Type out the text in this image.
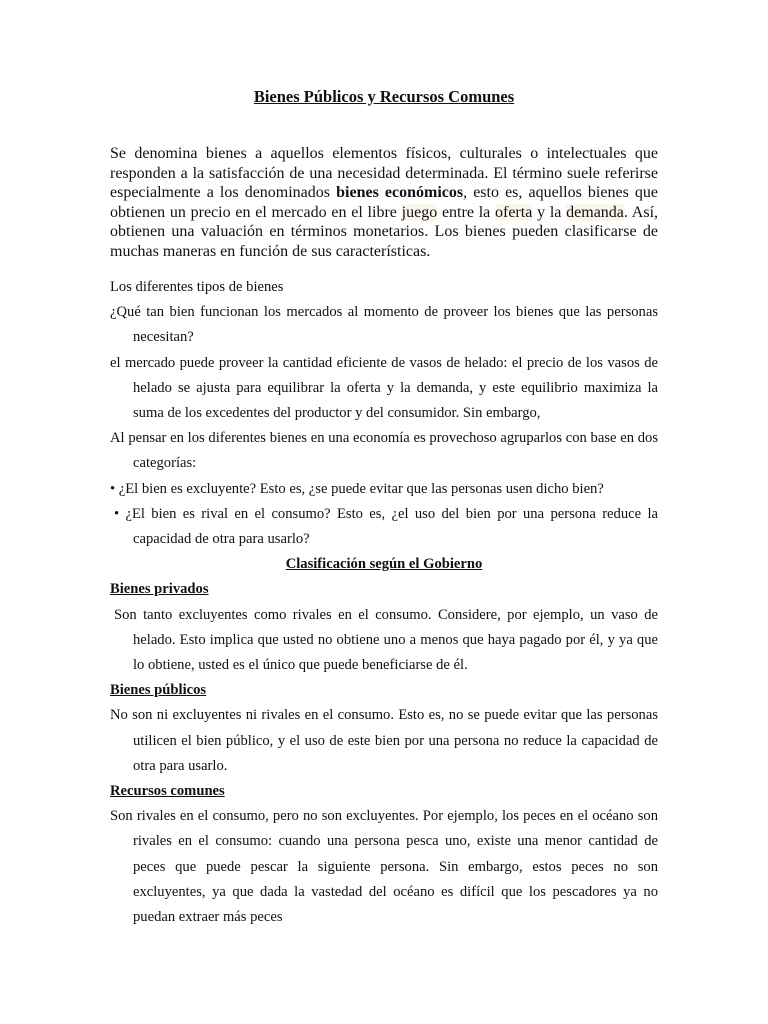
Bienes Públicos y Recursos Comunes

Se denomina bienes a aquellos elementos físicos, culturales o intelectuales que responden a la satisfacción de una necesidad determinada. El término suele referirse especialmente a los denominados bienes económicos, esto es, aquellos bienes que obtienen un precio en el mercado en el libre juego entre la oferta y la demanda. Así, obtienen una valuación en términos monetarios. Los bienes pueden clasificarse de muchas maneras en función de sus características.

Los diferentes tipos de bienes

¿Qué tan bien funcionan los mercados al momento de proveer los bienes que las personas necesitan?

el mercado puede proveer la cantidad eficiente de vasos de helado: el precio de los vasos de helado se ajusta para equilibrar la oferta y la demanda, y este equilibrio maximiza la suma de los excedentes del productor y del consumidor. Sin embargo,

Al pensar en los diferentes bienes en una economía es provechoso agruparlos con base en dos categorías:

• ¿El bien es excluyente? Esto es, ¿se puede evitar que las personas usen dicho bien?

• ¿El bien es rival en el consumo? Esto es, ¿el uso del bien por una persona reduce la capacidad de otra para usarlo?

Clasificación según el Gobierno

Bienes privados

Son tanto excluyentes como rivales en el consumo. Considere, por ejemplo, un vaso de helado. Esto implica que usted no obtiene uno a menos que haya pagado por él, y ya que lo obtiene, usted es el único que puede beneficiarse de él.

Bienes públicos

No son ni excluyentes ni rivales en el consumo. Esto es, no se puede evitar que las personas utilicen el bien público, y el uso de este bien por una persona no reduce la capacidad de otra para usarlo.

Recursos comunes

Son rivales en el consumo, pero no son excluyentes. Por ejemplo, los peces en el océano son rivales en el consumo: cuando una persona pesca uno, existe una menor cantidad de peces que puede pescar la siguiente persona. Sin embargo, estos peces no son excluyentes, ya que dada la vastedad del océano es difícil que los pescadores ya no puedan extraer más peces
